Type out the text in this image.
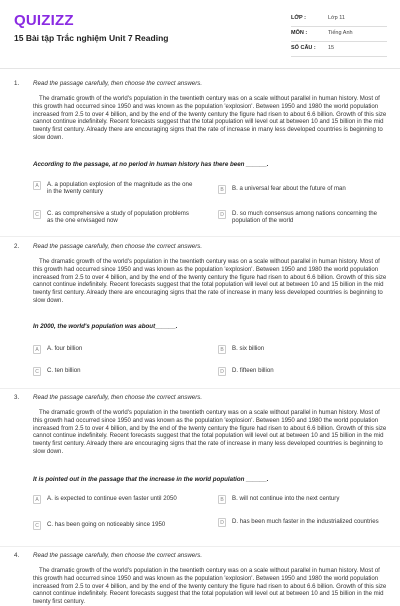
QUIZIZZ
15 Bài tập Trắc nghiệm Unit 7 Reading
LỚP :	Lớp 11
MÔN :	Tiếng Anh
SỐ CÂU : 15
1. Read the passage carefully, then choose the correct answers.

The dramatic growth of the world's population in the twentieth century was on a scale without parallel in human history. Most of this growth had occurred since 1950 and was known as the population 'explosion'. Between 1950 and 1980 the world population increased from 2.5 to over 4 billion, and by the end of the twenty century the figure had risen to about 6.6 billion. Growth of this size cannot continue indefinitely. Recent forecasts suggest that the total population will level out at between 10 and 15 billion in the mid twenty first century. Already there are encouraging signs that the rate of increase in many less developed countries is beginning to slow down.

According to the passage, at no period in human history has there been ______.
A	A. a population explosion of the magnitude as the one in the twenty century	B	B. a universal fear about the future of man
C	C. as comprehensive a study of population problems as the one envisaged now
D	D. so much consensus among nations concerning the population of the world
2. Read the passage carefully, then choose the correct answers.

The dramatic growth of the world's population in the twentieth century was on a scale without parallel in human history. Most of this growth had occurred since 1950 and was known as the population 'explosion'. Between 1950 and 1980 the world population increased from 2.5 to over 4 billion, and by the end of the twenty century the figure had risen to about 6.6 billion. Growth of this size cannot continue indefinitely. Recent forecasts suggest that the total population will level out at between 10 and 15 billion in the mid twenty first century. Already there are encouraging signs that the rate of increase in many less developed countries is beginning to slow down.

In 2000, the world's population was about______.
A	A. four billion	B	B. six billion
C	C. ten billion	D	D. fifteen billion
3. Read the passage carefully, then choose the correct answers.

The dramatic growth of the world's population in the twentieth century was on a scale without parallel in human history. Most of this growth had occurred since 1950 and was known as the population 'explosion'. Between 1950 and 1980 the world population increased from 2.5 to over 4 billion, and by the end of the twenty century the figure had risen to about 6.6 billion. Growth of this size cannot continue indefinitely. Recent forecasts suggest that the total population will level out at between 10 and 15 billion in the mid twenty first century. Already there are encouraging signs that the rate of increase in many less developed countries is beginning to slow down.

It is pointed out in the passage that the increase in the world population ______.
A	A. is expected to continue even faster until 2050	B	B. will not continue into the next century
C	C. has been going on noticeably since 1950	D	D. has been much faster in the industrialized countries
4. Read the passage carefully, then choose the correct answers.

The dramatic growth of the world's population in the twentieth century was on a scale without parallel in human history. Most of this growth had occurred since 1950 and was known as the population 'explosion'. Between 1950 and 1980 the world population increased from 2.5 to over 4 billion, and by the end of the twenty century the figure had risen to about 6.6 billion. Growth of this size cannot continue indefinitely. Recent forecasts suggest that the total population will level out at between 10 and 15 billion in the mid twenty first century.
